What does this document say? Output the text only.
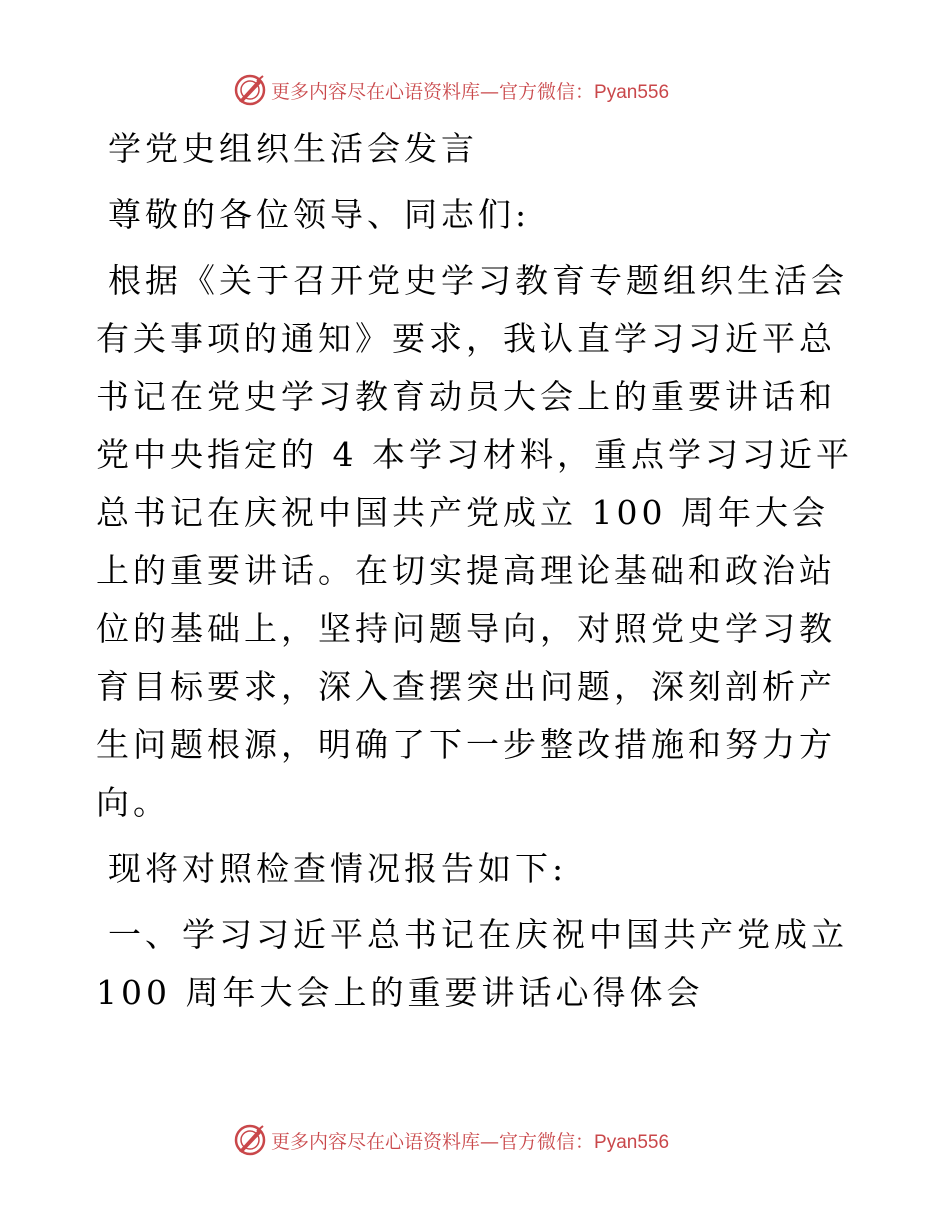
更多内容尽在心语资料库—官方微信：Pyan556

学党史组织生活会发言

尊敬的各位领导、同志们:

根据《关于召开党史学习教育专题组织生活会有关事项的通知》要求，我认直学习习近平总书记在党史学习教育动员大会上的重要讲话和党中央指定的 4 本学习材料，重点学习习近平总书记在庆祝中国共产党成立 100 周年大会上的重要讲话。在切实提高理论基础和政治站位的基础上，坚持问题导向，对照党史学习教育目标要求，深入查摆突出问题，深刻剖析产生问题根源，明确了下一步整改措施和努力方向。

现将对照检查情况报告如下:

一、学习习近平总书记在庆祝中国共产党成立 100 周年大会上的重要讲话心得体会

更多内容尽在心语资料库—官方微信：Pyan556
